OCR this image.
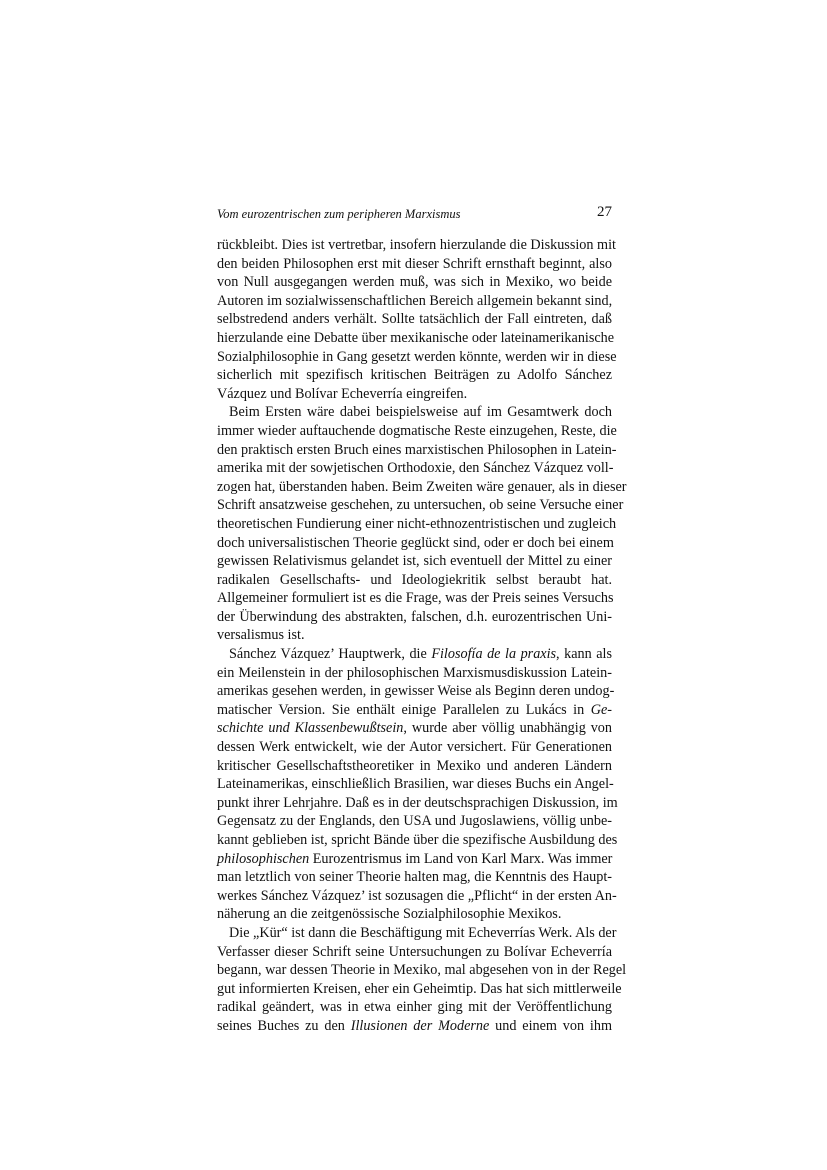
Vom eurozentrischen zum peripheren Marxismus	27
rückbleibt. Dies ist vertretbar, insofern hierzulande die Diskussion mit
den beiden Philosophen erst mit dieser Schrift ernsthaft beginnt, also
von Null ausgegangen werden muß, was sich in Mexiko, wo beide
Autoren im sozialwissenschaftlichen Bereich allgemein bekannt sind,
selbstredend anders verhält. Sollte tatsächlich der Fall eintreten, daß
hierzulande eine Debatte über mexikanische oder lateinamerikanische
Sozialphilosophie in Gang gesetzt werden könnte, werden wir in diese
sicherlich mit spezifisch kritischen Beiträgen zu Adolfo Sánchez
Vázquez und Bolívar Echeverría eingreifen.
Beim Ersten wäre dabei beispielsweise auf im Gesamtwerk doch
immer wieder auftauchende dogmatische Reste einzugehen, Reste, die
den praktisch ersten Bruch eines marxistischen Philosophen in Latein-
amerika mit der sowjetischen Orthodoxie, den Sánchez Vázquez voll-
zogen hat, überstanden haben. Beim Zweiten wäre genauer, als in dieser
Schrift ansatzweise geschehen, zu untersuchen, ob seine Versuche einer
theoretischen Fundierung einer nicht-ethnozentristischen und zugleich
doch universalistischen Theorie geglückt sind, oder er doch bei einem
gewissen Relativismus gelandet ist, sich eventuell der Mittel zu einer
radikalen Gesellschafts- und Ideologiekritik selbst beraubt hat.
Allgemeiner formuliert ist es die Frage, was der Preis seines Versuchs
der Überwindung des abstrakten, falschen, d.h. eurozentrischen Uni-
versalismus ist.
Sánchez Vázquez’ Hauptwerk, die Filosofía de la praxis, kann als
ein Meilenstein in der philosophischen Marxismusdiskussion Latein-
amerikas gesehen werden, in gewisser Weise als Beginn deren undog-
matischer Version. Sie enthält einige Parallelen zu Lukács in Ge-
schichte und Klassenbewußtsein, wurde aber völlig unabhängig von
dessen Werk entwickelt, wie der Autor versichert. Für Generationen
kritischer Gesellschaftstheoretiker in Mexiko und anderen Ländern
Lateinamerikas, einschließlich Brasilien, war dieses Buchs ein Angel-
punkt ihrer Lehrjahre. Daß es in der deutschsprachigen Diskussion, im
Gegensatz zu der Englands, den USA und Jugoslawiens, völlig unbe-
kannt geblieben ist, spricht Bände über die spezifische Ausbildung des
philosophischen Eurozentrismus im Land von Karl Marx. Was immer
man letztlich von seiner Theorie halten mag, die Kenntnis des Haupt-
werkes Sánchez Vázquez’ ist sozusagen die „Pflicht“ in der ersten An-
näherung an die zeitgenössische Sozialphilosophie Mexikos.
Die „Kür“ ist dann die Beschäftigung mit Echeverrías Werk. Als der
Verfasser dieser Schrift seine Untersuchungen zu Bolívar Echeverría
begann, war dessen Theorie in Mexiko, mal abgesehen von in der Regel
gut informierten Kreisen, eher ein Geheimtip. Das hat sich mittlerweile
radikal geändert, was in etwa einher ging mit der Veröffentlichung
seines Buches zu den Illusionen der Moderne und einem von ihm
